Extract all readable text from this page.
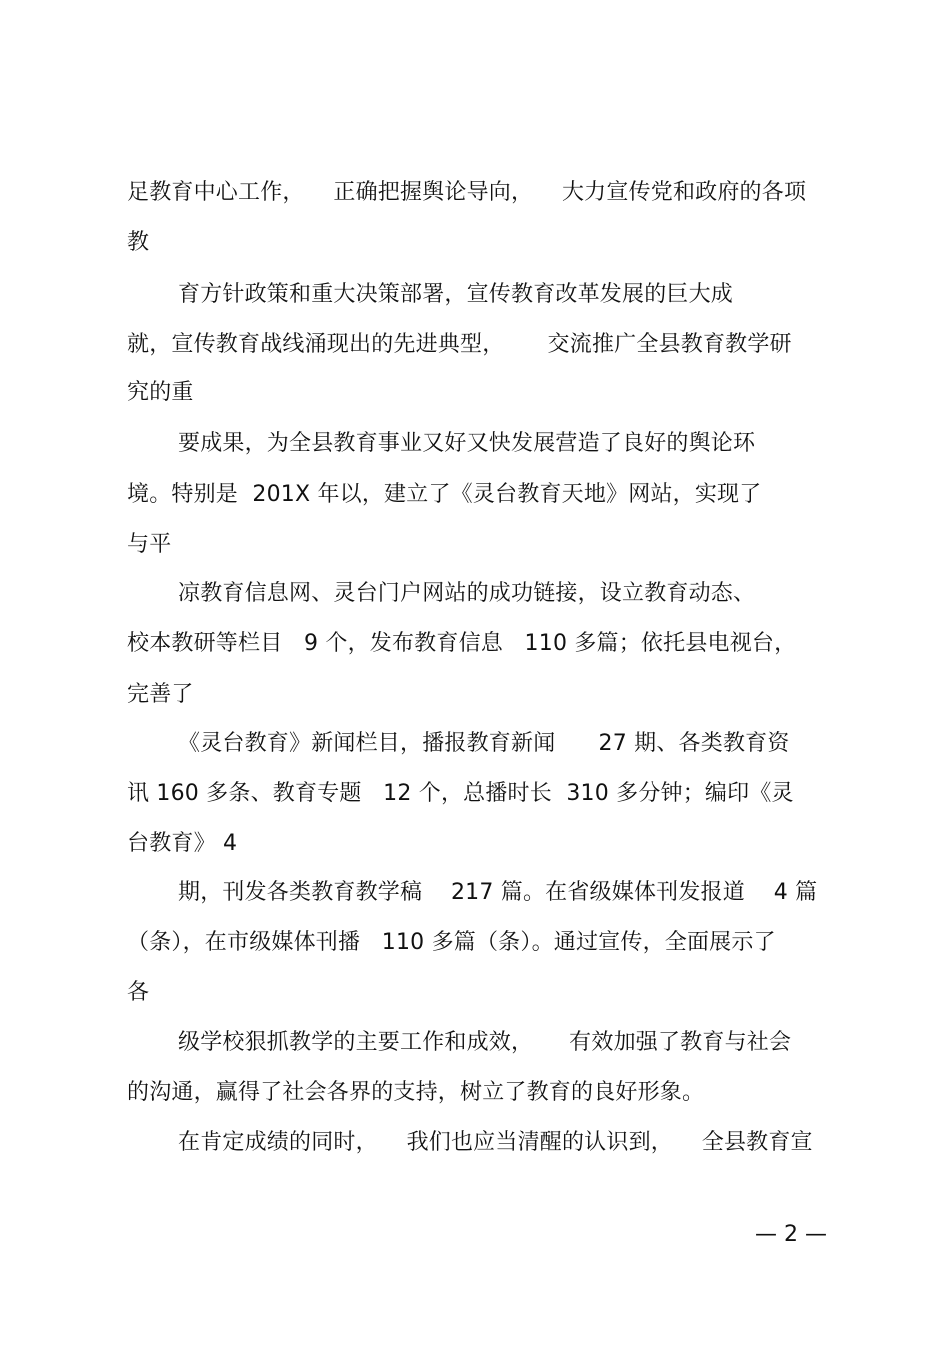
足教育中心工作，    正确把握舆论导向，    大力宣传党和政府的各项
教
育方针政策和重大决策部署，宣传教育改革发展的巨大成
就，宣传教育战线涌现出的先进典型，      交流推广全县教育教学研
究的重
要成果，为全县教育事业又好又快发展营造了良好的舆论环
境。特别是  201X 年以，建立了《灵台教育天地》网站，实现了
与平
凉教育信息网、灵台门户网站的成功链接，设立教育动态、
校本教研等栏目   9 个，发布教育信息   110 多篇；依托县电视台，
完善了
《灵台教育》新闻栏目，播报教育新闻      27 期、各类教育资
讯 160 多条、教育专题   12 个，总播时长  310 多分钟；编印《灵
台教育》 4
期，刊发各类教育教学稿    217 篇。在省级媒体刊发报道    4 篇
（条），在市级媒体刊播   110 多篇（条）。通过宣传，全面展示了
各
级学校狠抓教学的主要工作和成效，     有效加强了教育与社会
的沟通，赢得了社会各界的支持，树立了教育的良好形象。
在肯定成绩的同时，    我们也应当清醒的认识到，    全县教育宣
— 2 —
